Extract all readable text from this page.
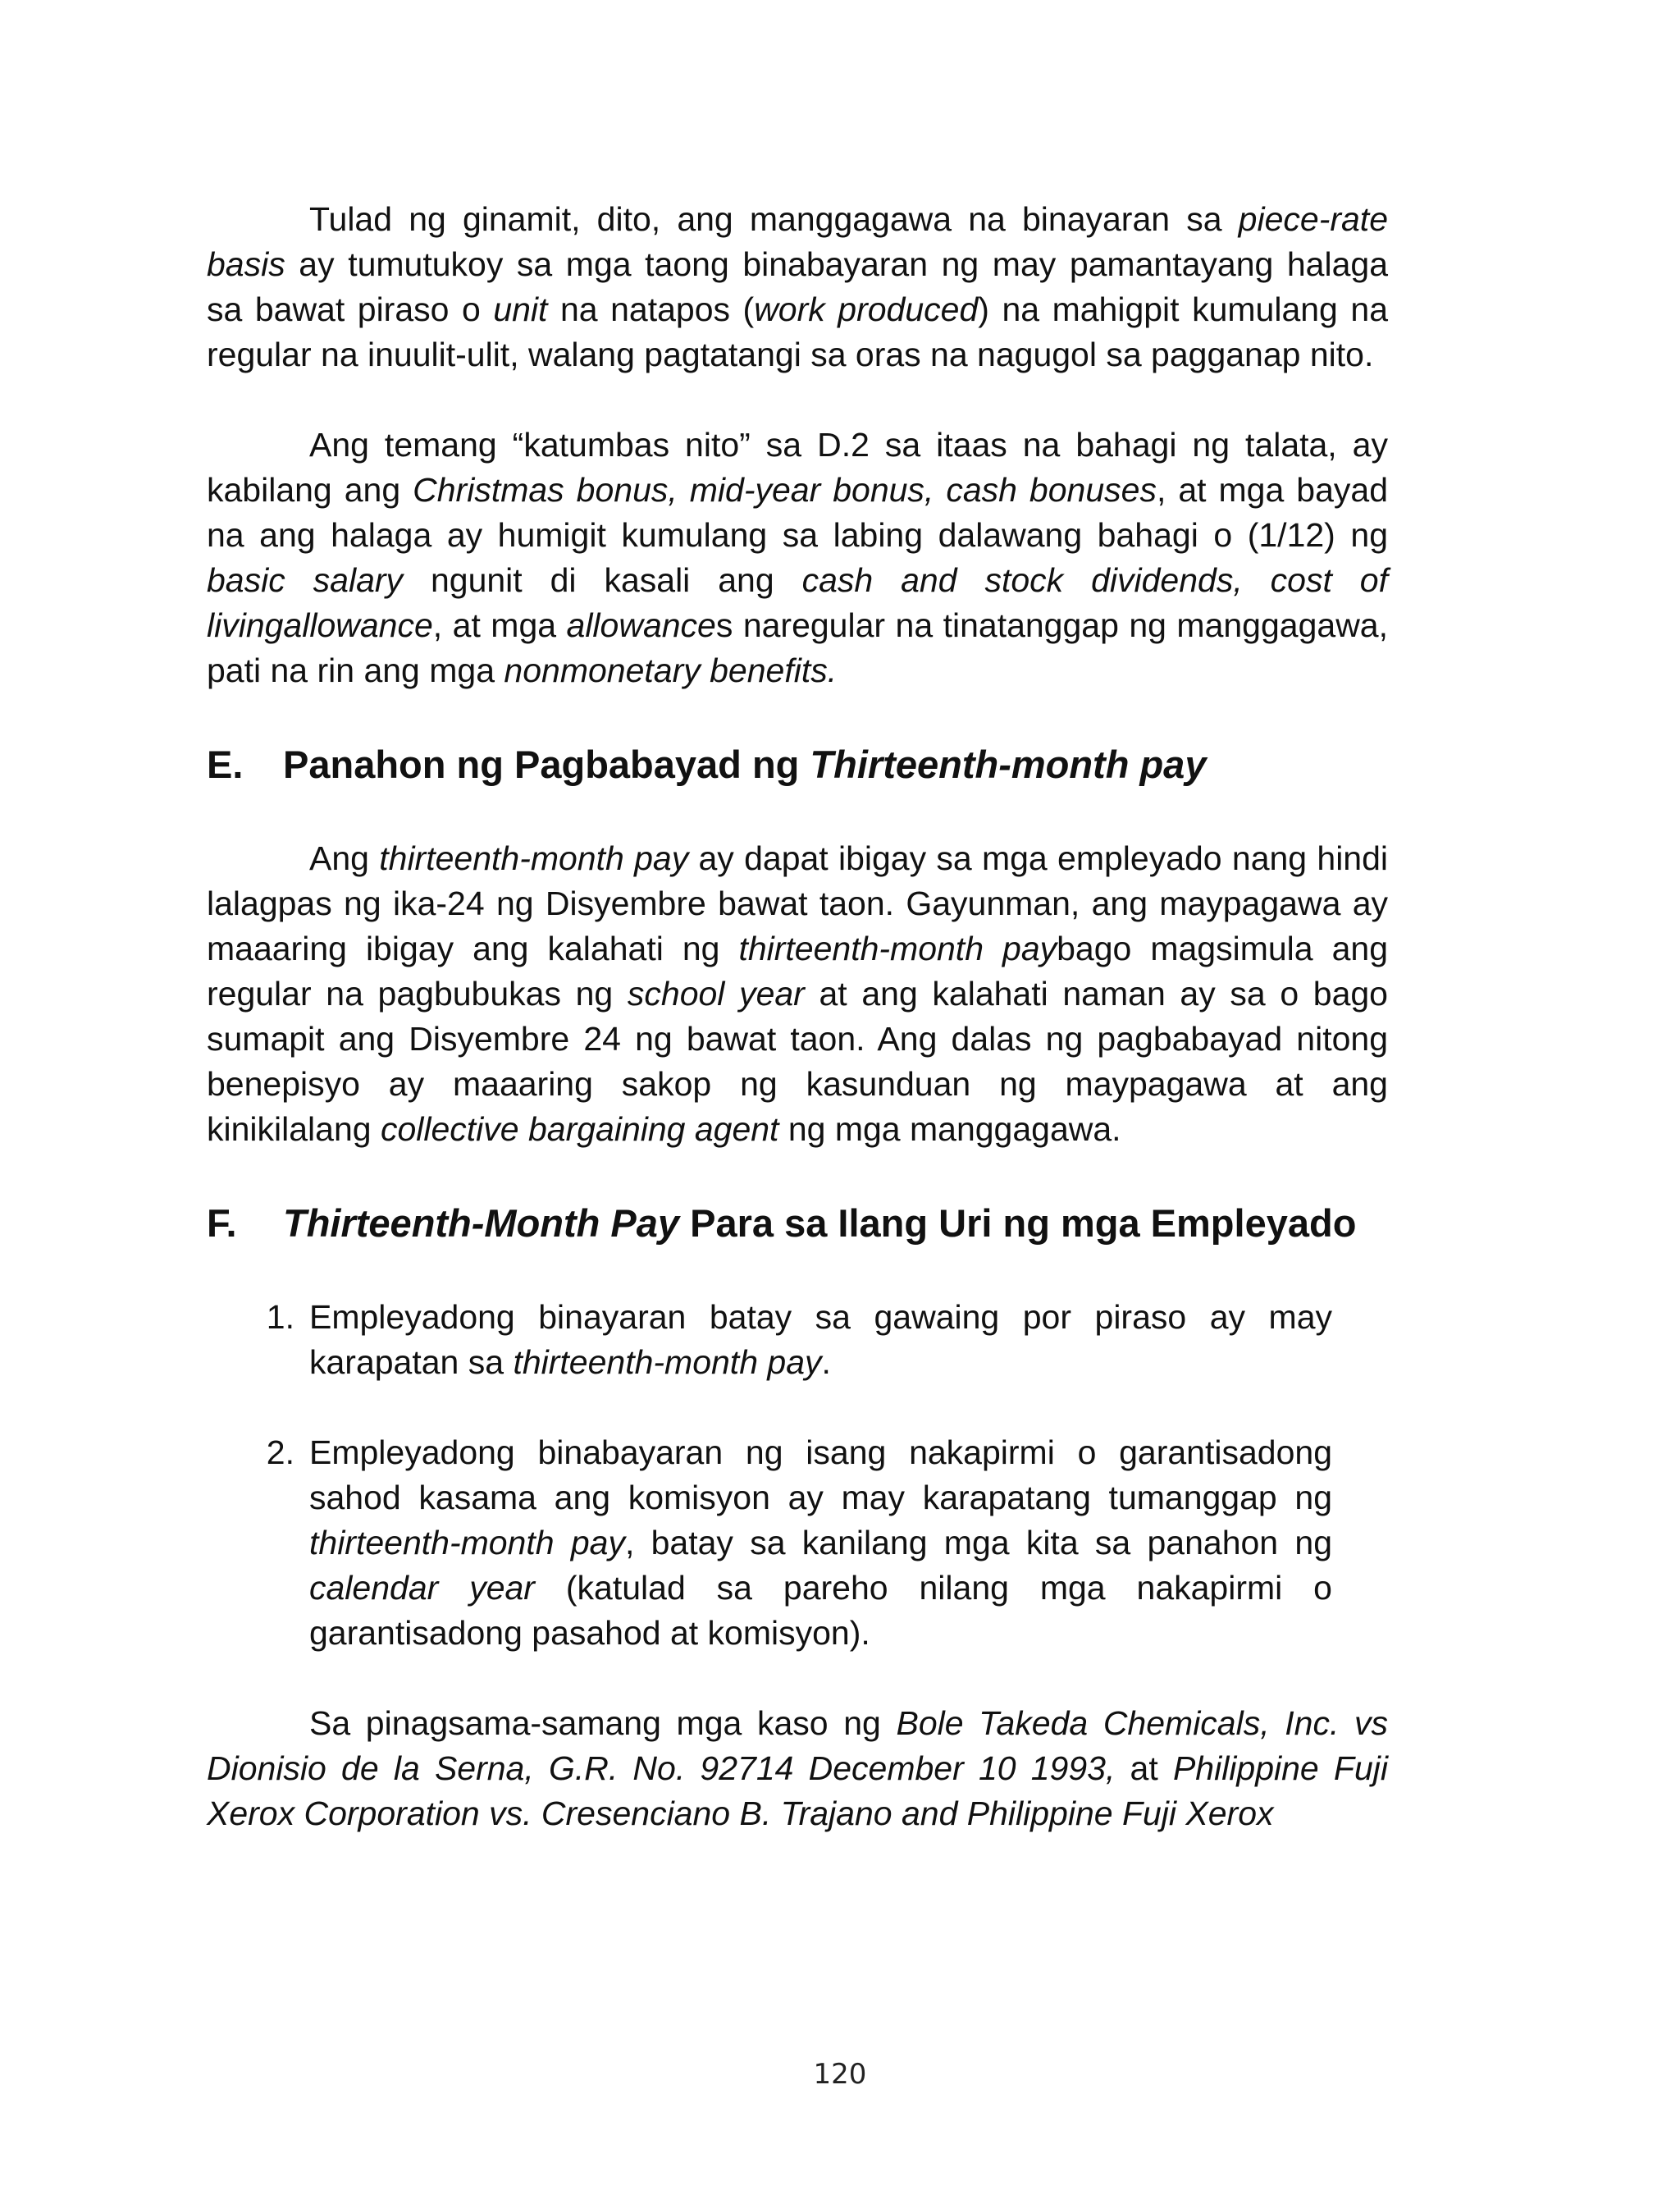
Tulad ng ginamit, dito, ang manggagawa na binayaran sa piece-rate basis ay tumutukoy sa mga taong binabayaran ng may pamantayang halaga sa bawat piraso o unit na natapos (work produced) na mahigpit kumulang na regular na inuulit-ulit, walang pagtatangi sa oras na nagugol sa pagganap nito.

Ang temang “katumbas nito” sa D.2 sa itaas na bahagi ng talata, ay kabilang ang Christmas bonus, mid-year bonus, cash bonuses, at mga bayad na ang halaga ay humigit kumulang sa labing dalawang bahagi o (1/12) ng basic salary ngunit di kasali ang cash and stock dividends, cost of livingallowance, at mga allowances naregular na tinatanggap ng manggagawa, pati na rin ang mga nonmonetary benefits.

E.	Panahon ng Pagbabayad ng Thirteenth-month pay

Ang thirteenth-month pay ay dapat ibigay sa mga empleyado nang hindi lalagpas ng ika-24 ng Disyembre bawat taon. Gayunman, ang maypagawa ay maaaring ibigay ang kalahati ng thirteenth-month paybago magsimula ang regular na pagbubukas ng school year at ang kalahati naman ay sa o bago sumapit ang Disyembre 24 ng bawat taon. Ang dalas ng pagbabayad nitong benepisyo ay maaaring sakop ng kasunduan ng maypagawa at ang kinikilalang collective bargaining agent ng mga manggagawa.

F.	Thirteenth-Month Pay Para sa Ilang Uri ng mga Empleyado
1. Empleyadong binayaran batay sa gawaing por piraso ay may karapatan sa thirteenth-month pay.
2. Empleyadong binabayaran ng isang nakapirmi o garantisadong sahod kasama ang komisyon ay may karapatang tumanggap ng thirteenth-month pay, batay sa kanilang mga kita sa panahon ng calendar year (katulad sa pareho nilang mga nakapirmi o garantisadong pasahod at komisyon).

Sa pinagsama-samang mga kaso ng Bole Takeda Chemicals, Inc. vs Dionisio de la Serna, G.R. No. 92714 December 10 1993, at Philippine Fuji Xerox Corporation vs. Cresenciano B. Trajano and Philippine Fuji Xerox

120
